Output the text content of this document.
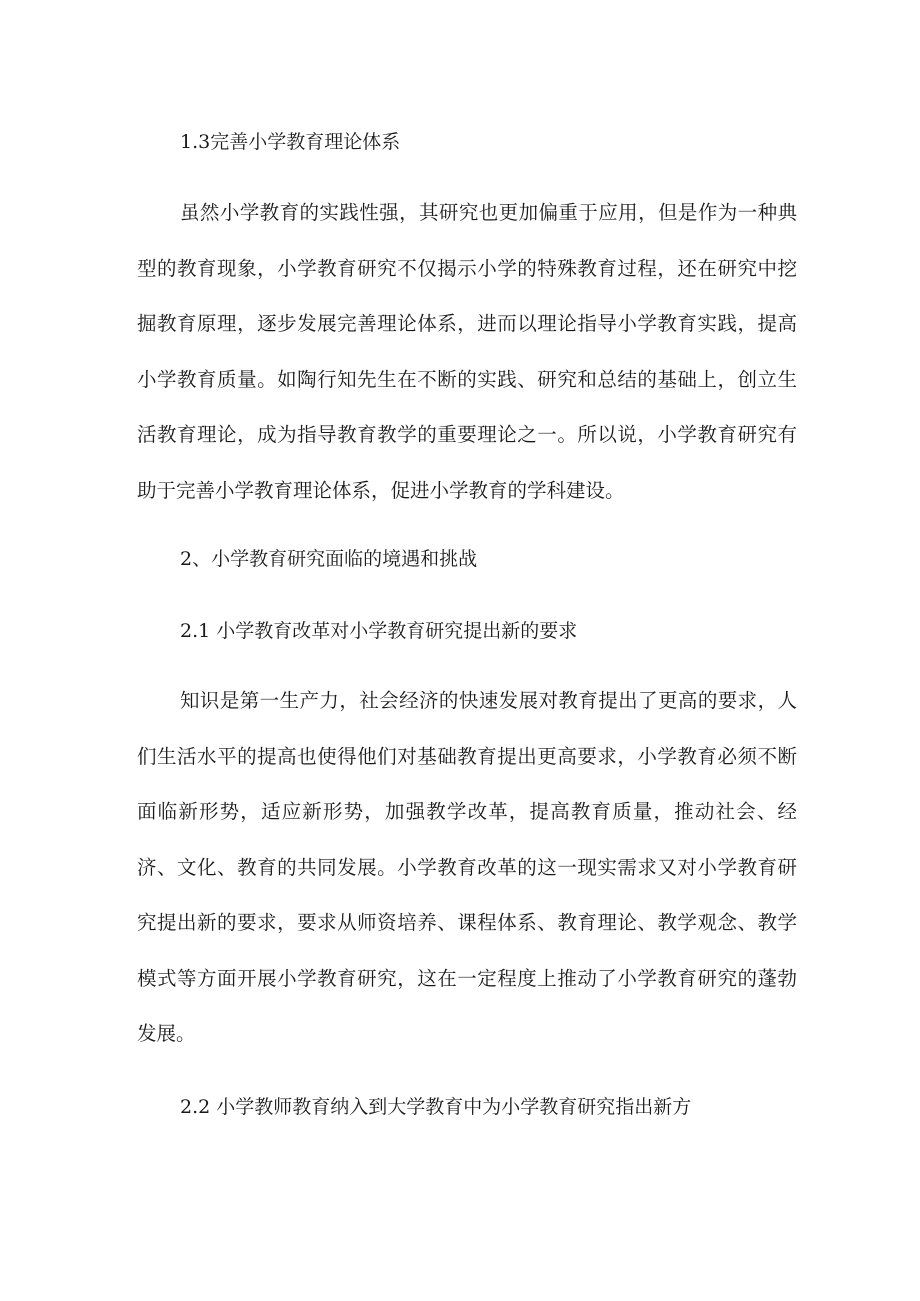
1.3完善小学教育理论体系

虽然小学教育的实践性强，其研究也更加偏重于应用，但是作为一种典型的教育现象，小学教育研究不仅揭示小学的特殊教育过程，还在研究中挖掘教育原理，逐步发展完善理论体系，进而以理论指导小学教育实践，提高小学教育质量。如陶行知先生在不断的实践、研究和总结的基础上，创立生活教育理论，成为指导教育教学的重要理论之一。所以说，小学教育研究有助于完善小学教育理论体系，促进小学教育的学科建设。

2、小学教育研究面临的境遇和挑战
2.1 小学教育改革对小学教育研究提出新的要求

知识是第一生产力，社会经济的快速发展对教育提出了更高的要求，人们生活水平的提高也使得他们对基础教育提出更高要求，小学教育必须不断面临新形势，适应新形势，加强教学改革，提高教育质量，推动社会、经济、文化、教育的共同发展。小学教育改革的这一现实需求又对小学教育研究提出新的要求，要求从师资培养、课程体系、教育理论、教学观念、教学模式等方面开展小学教育研究，这在一定程度上推动了小学教育研究的蓬勃发展。

2.2 小学教师教育纳入到大学教育中为小学教育研究指出新方
